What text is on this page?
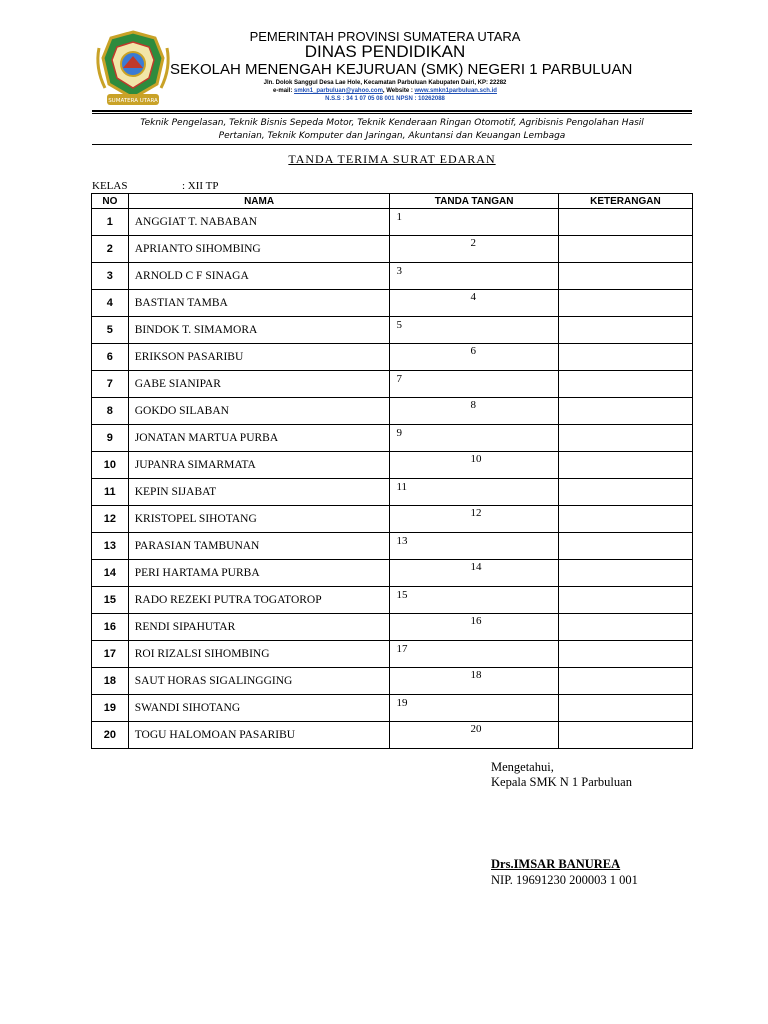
SUMATERA UTARA
PEMERINTAH PROVINSI SUMATERA UTARA
DINAS PENDIDIKAN
SEKOLAH MENENGAH KEJURUAN (SMK) NEGERI 1 PARBULUAN
Jln. Dolok Sanggul Desa Lae Hole, Kecamatan Parbuluan Kabupaten Dairi, KP: 22282
e-mail: smkn1_parbuluan@yahoo.com, Website : www.smkn1parbuluan.sch.id
N.S.S : 34 1 07 05 08 001 NPSN : 10262088
Teknik Pengelasan, Teknik Bisnis Sepeda Motor, Teknik Kenderaan Ringan Otomotif, Agribisnis Pengolahan Hasil
Pertanian, Teknik Komputer dan Jaringan, Akuntansi dan Keuangan Lembaga
TANDA TERIMA SURAT EDARAN
KELAS	: XII TP
NO	NAMA	TANDA TANGAN	KETERANGAN
1	ANGGIAT T. NABABAN	1	

2	APRIANTO SIHOMBING	2	

3	ARNOLD C F SINAGA	3	

4	BASTIAN TAMBA	4	

5	BINDOK T. SIMAMORA	5	

6	ERIKSON PASARIBU	6	

7	GABE SIANIPAR	7	

8	GOKDO SILABAN	8	

9	JONATAN MARTUA PURBA	9	

10	JUPANRA SIMARMATA	10	

11	KEPIN SIJABAT	11	

12	KRISTOPEL SIHOTANG	12	

13	PARASIAN TAMBUNAN	13	

14	PERI HARTAMA PURBA	14	

15	RADO REZEKI PUTRA TOGATOROP	15	

16	RENDI SIPAHUTAR	16	

17	ROI RIZALSI SIHOMBING	17	

18	SAUT HORAS SIGALINGGING	18	

19	SWANDI SIHOTANG	19	

20	TOGU HALOMOAN PASARIBU	20	

Mengetahui,
Kepala SMK N 1 Parbuluan
Drs.IMSAR BANUREA
NIP. 19691230 200003 1 001
